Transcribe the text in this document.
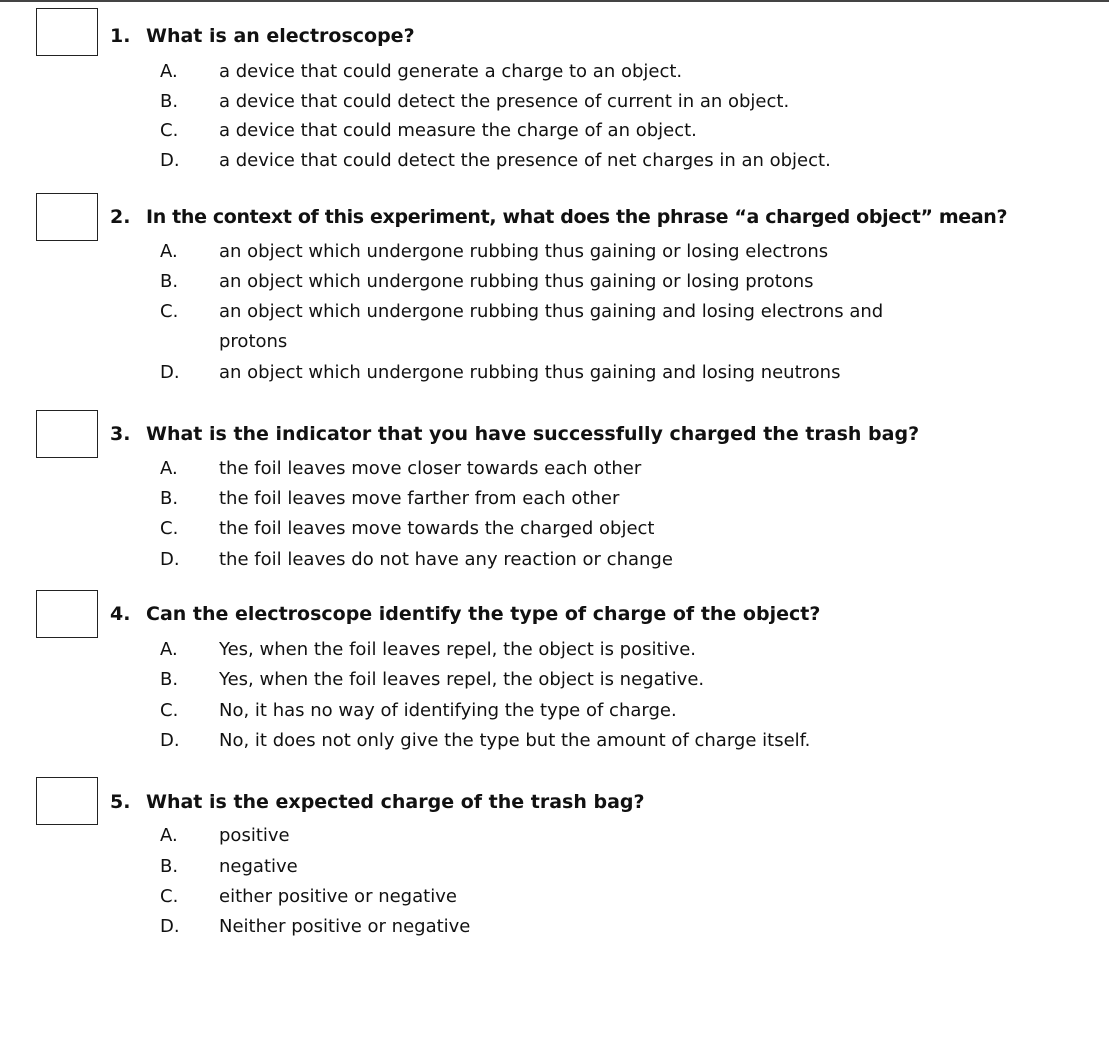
1. What is an electroscope?
A. a device that could generate a charge to an object.
B. a device that could detect the presence of current in an object.
C. a device that could measure the charge of an object.
D. a device that could detect the presence of net charges in an object.
2. In the context of this experiment, what does the phrase “a charged object” mean?
A. an object which undergone rubbing thus gaining or losing electrons
B. an object which undergone rubbing thus gaining or losing protons
C. an object which undergone rubbing thus gaining and losing electrons and
protons
D. an object which undergone rubbing thus gaining and losing neutrons
3. What is the indicator that you have successfully charged the trash bag?
A. the foil leaves move closer towards each other
B. the foil leaves move farther from each other
C. the foil leaves move towards the charged object
D. the foil leaves do not have any reaction or change
4. Can the electroscope identify the type of charge of the object?
A. Yes, when the foil leaves repel, the object is positive.
B. Yes, when the foil leaves repel, the object is negative.
C. No, it has no way of identifying the type of charge.
D. No, it does not only give the type but the amount of charge itself.
5. What is the expected charge of the trash bag?
A. positive
B. negative
C. either positive or negative
D. Neither positive or negative
